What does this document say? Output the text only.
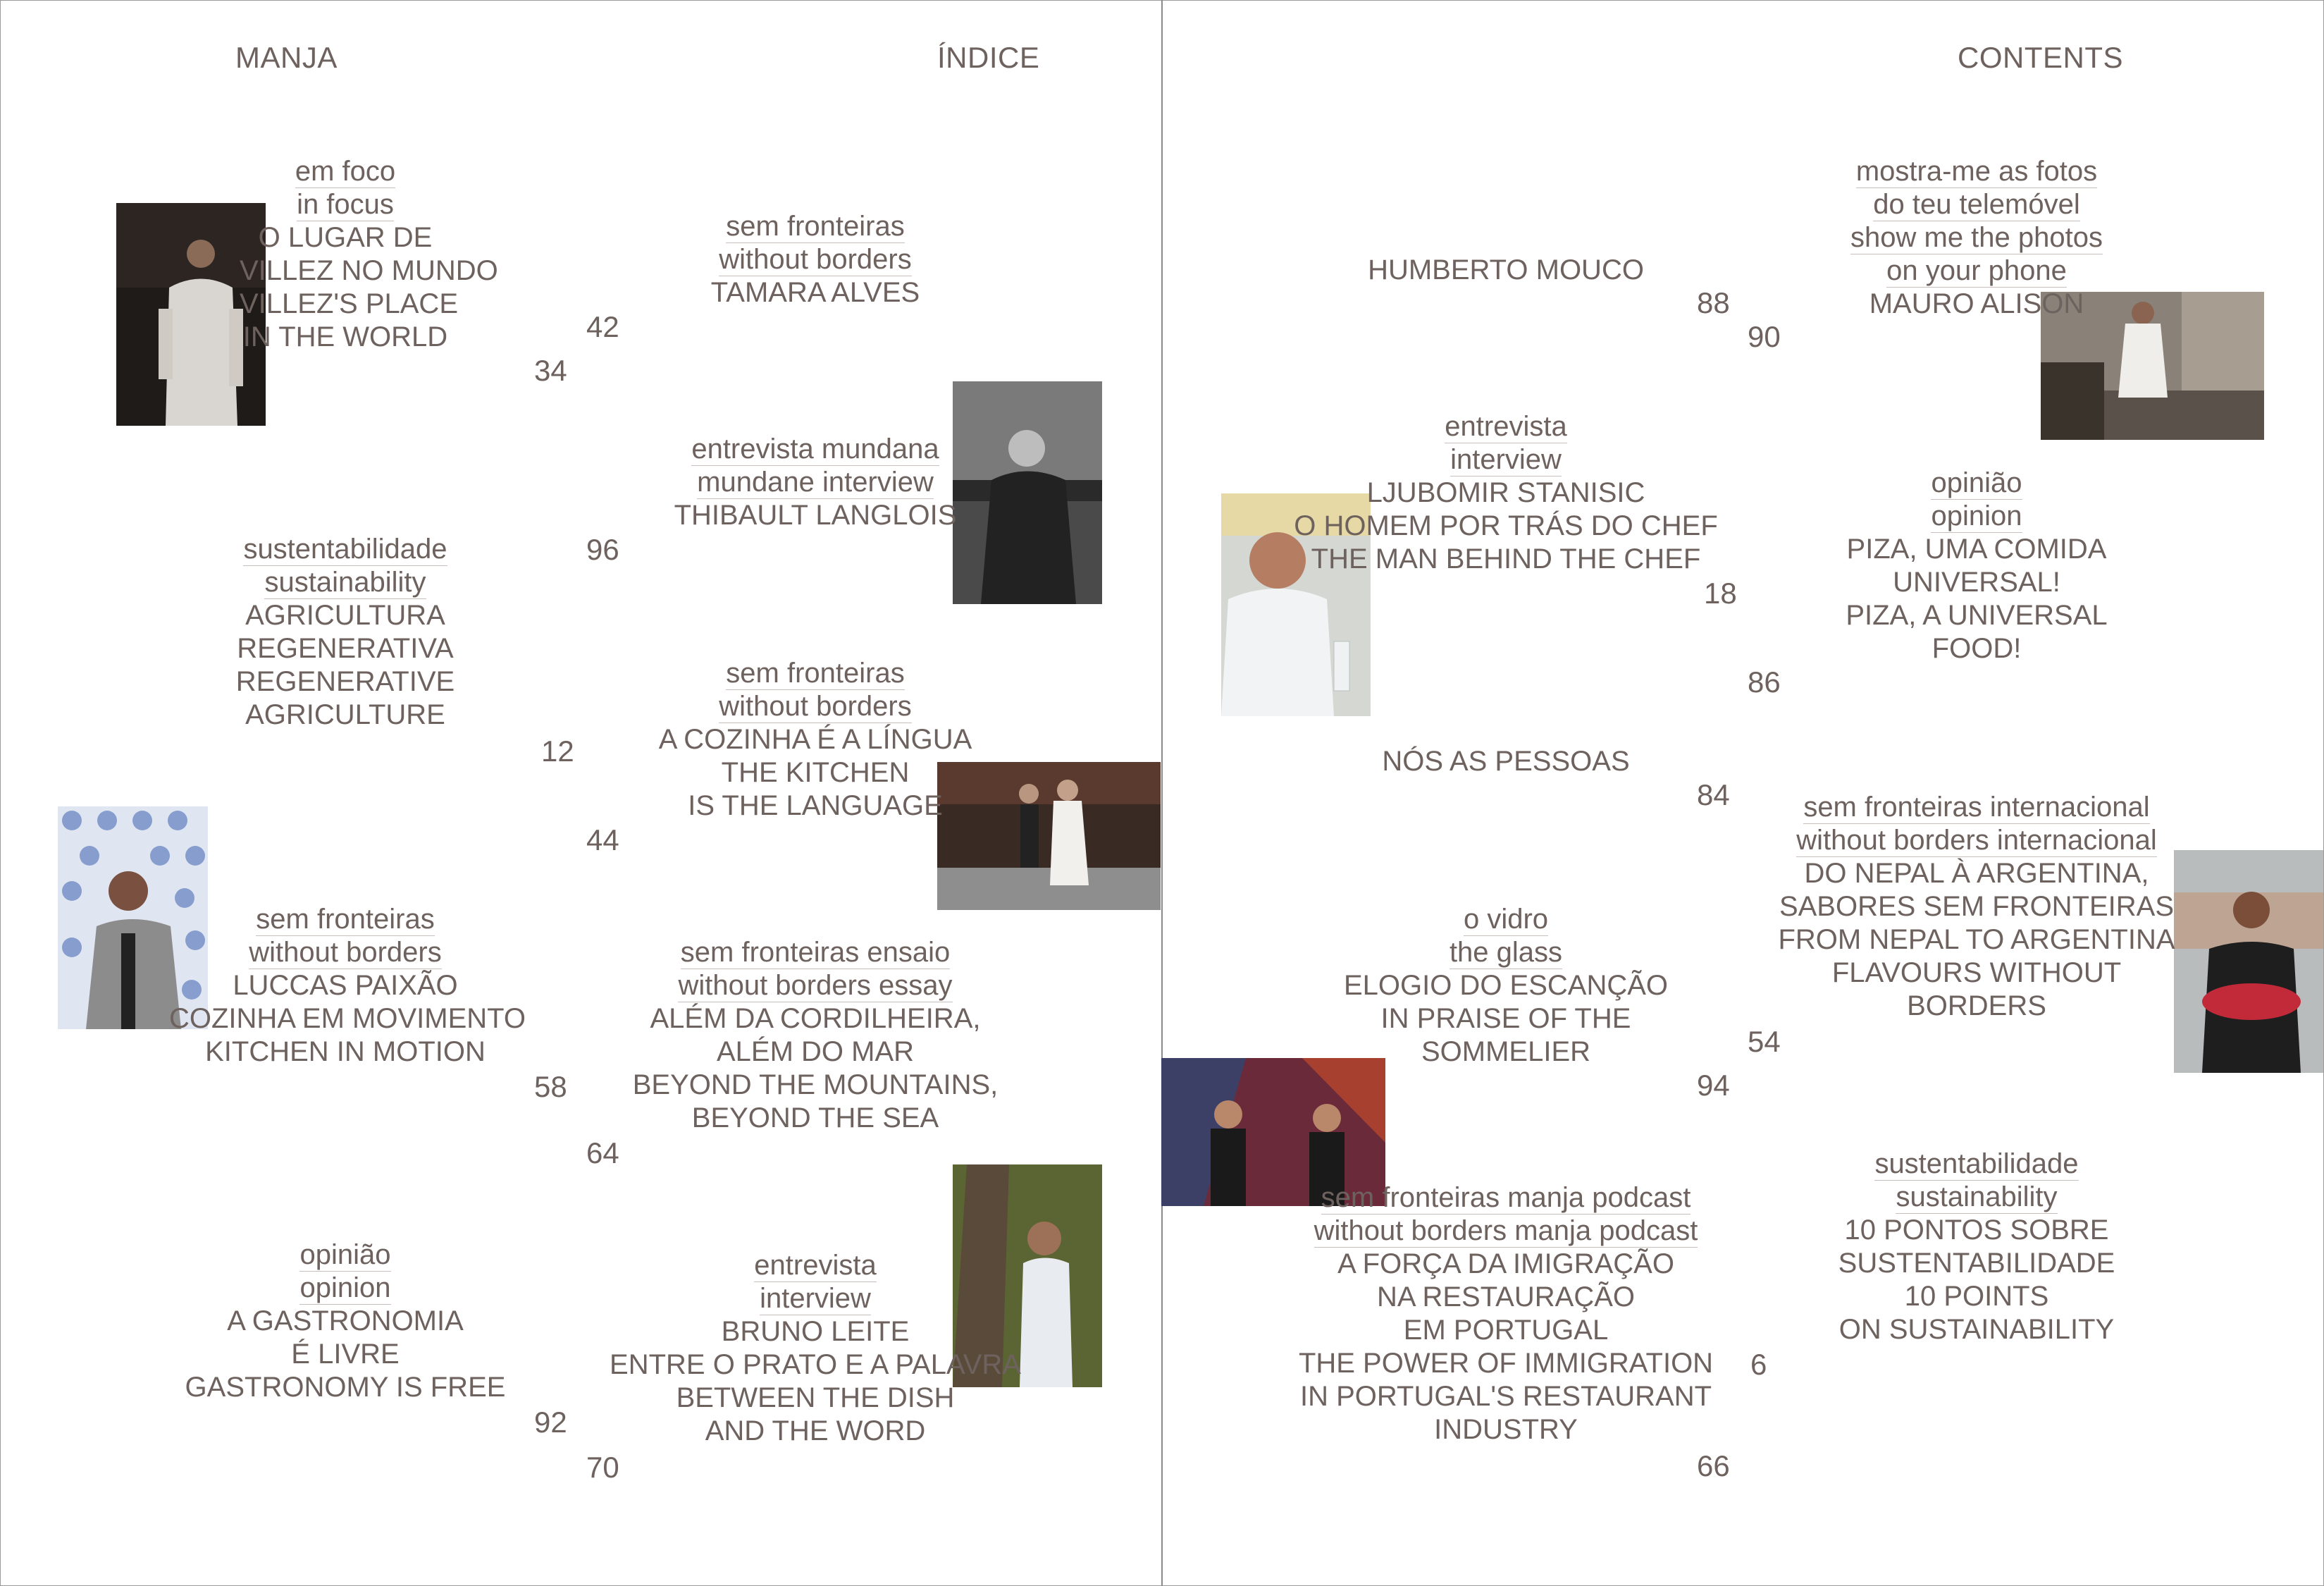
MANJA	ÍNDICE	CONTENTS
em foco
in focus
O LUGAR DE
VILLEZ NO MUNDO
VILLEZ'S PLACE
IN THE WORLD
sem fronteiras
without borders
TAMARA ALVES
entrevista mundana
mundane interview
THIBAULT LANGLOIS
sustentabilidade
sustainability
AGRICULTURA
REGENERATIVA
REGENERATIVE
AGRICULTURE
sem fronteiras
without borders
A COZINHA É A LÍNGUA
THE KITCHEN
IS THE LANGUAGE
sem fronteiras
without borders
LUCCAS PAIXÃO
COZINHA EM MOVIMENTO
KITCHEN IN MOTION
sem fronteiras ensaio
without borders essay
ALÉM DA CORDILHEIRA,
ALÉM DO MAR
BEYOND THE MOUNTAINS,
BEYOND THE SEA
opinião
opinion
A GASTRONOMIA
É LIVRE
GASTRONOMY IS FREE
entrevista
interview
BRUNO LEITE
ENTRE O PRATO E A PALAVRA
BETWEEN THE DISH
AND THE WORD
34
42
96
12
44
58
64
92
70
HUMBERTO MOUCO
mostra-me as fotos
do teu telemóvel
show me the photos
on your phone
MAURO ALISON
entrevista
interview
LJUBOMIR STANISIC
O HOMEM POR TRÁS DO CHEF
THE MAN BEHIND THE CHEF
opinião
opinion
PIZA, UMA COMIDA
UNIVERSAL!
PIZA, A UNIVERSAL
FOOD!
NÓS AS PESSOAS
sem fronteiras internacional
without borders internacional
DO NEPAL À ARGENTINA,
SABORES SEM FRONTEIRAS
FROM NEPAL TO ARGENTINA
FLAVOURS WITHOUT
BORDERS
o vidro
the glass
ELOGIO DO ESCANÇÃO
IN PRAISE OF THE
SOMMELIER
sustentabilidade
sustainability
10 PONTOS SOBRE
SUSTENTABILIDADE
10 POINTS
ON SUSTAINABILITY
sem fronteiras manja podcast
without borders manja podcast
A FORÇA DA IMIGRAÇÃO
NA RESTAURAÇÃO
EM PORTUGAL
THE POWER OF IMMIGRATION
IN PORTUGAL'S RESTAURANT
INDUSTRY
88
90
18
86
84
54
94
6
66
